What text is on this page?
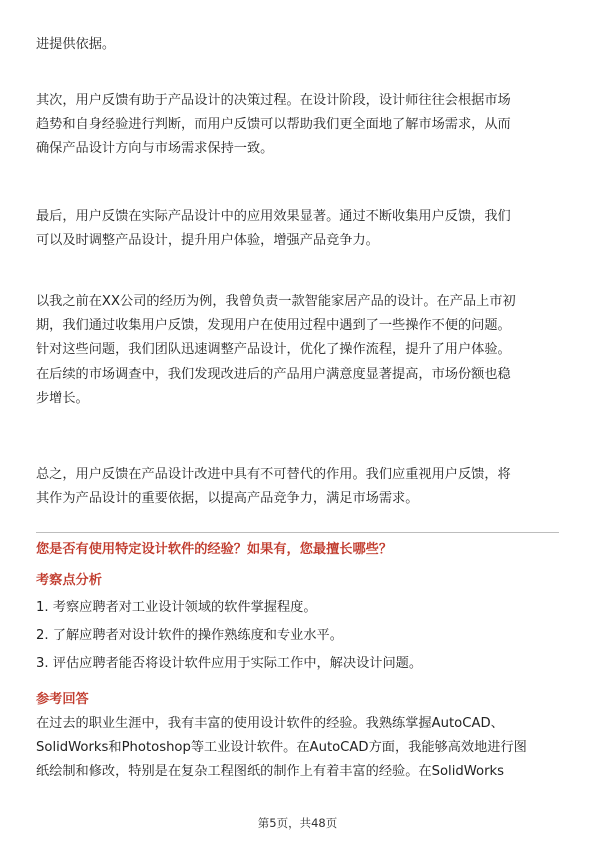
进提供依据。

其次，用户反馈有助于产品设计的决策过程。在设计阶段，设计师往往会根据市场
趋势和自身经验进行判断，而用户反馈可以帮助我们更全面地了解市场需求，从而
确保产品设计方向与市场需求保持一致。

最后，用户反馈在实际产品设计中的应用效果显著。通过不断收集用户反馈，我们
可以及时调整产品设计，提升用户体验，增强产品竞争力。

以我之前在XX公司的经历为例，我曾负责一款智能家居产品的设计。在产品上市初
期，我们通过收集用户反馈，发现用户在使用过程中遇到了一些操作不便的问题。
针对这些问题，我们团队迅速调整产品设计，优化了操作流程，提升了用户体验。
在后续的市场调查中，我们发现改进后的产品用户满意度显著提高，市场份额也稳
步增长。

总之，用户反馈在产品设计改进中具有不可替代的作用。我们应重视用户反馈，将
其作为产品设计的重要依据，以提高产品竞争力，满足市场需求。

您是否有使用特定设计软件的经验？如果有，您最擅长哪些？

考察点分析

1. 考察应聘者对工业设计领域的软件掌握程度。

2. 了解应聘者对设计软件的操作熟练度和专业水平。

3. 评估应聘者能否将设计软件应用于实际工作中，解决设计问题。

参考回答

在过去的职业生涯中，我有丰富的使用设计软件的经验。我熟练掌握AutoCAD、
SolidWorks和Photoshop等工业设计软件。在AutoCAD方面，我能够高效地进行图
纸绘制和修改，特别是在复杂工程图纸的制作上有着丰富的经验。在SolidWorks

第5页，共48页
